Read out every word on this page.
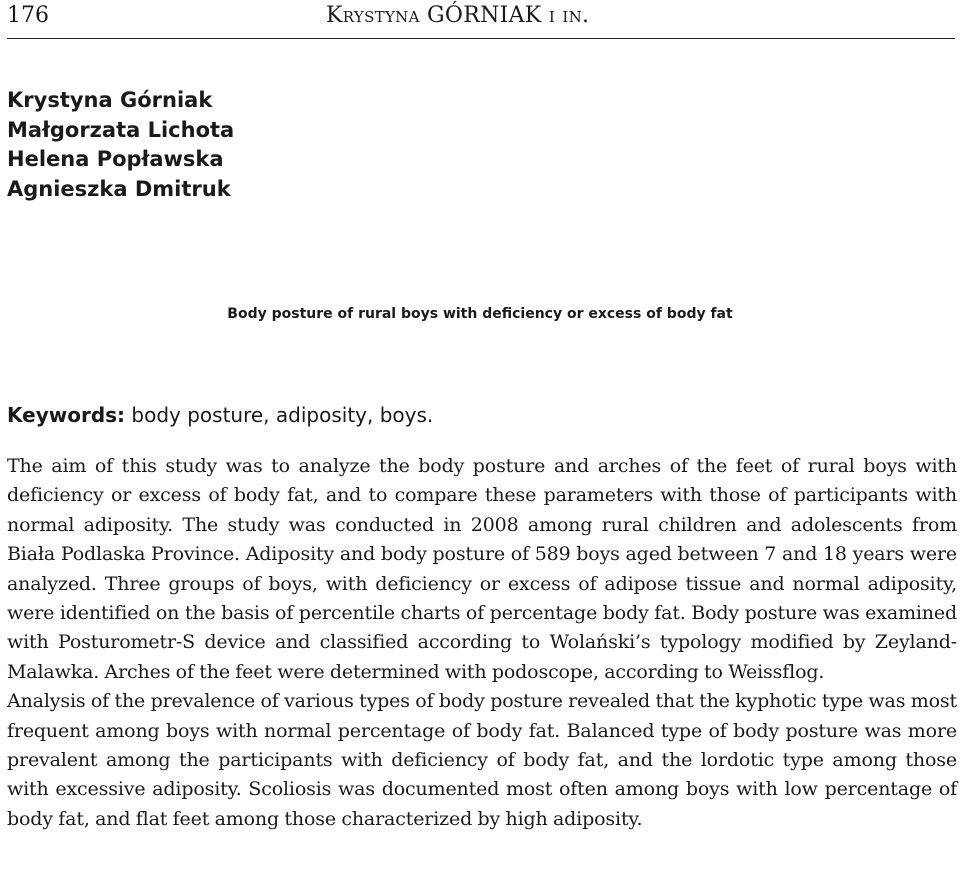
176	Krystyna GÓRNIAK i in.
Krystyna Górniak
Małgorzata Lichota
Helena Popławska
Agnieszka Dmitruk
Body posture of rural boys with deficiency or excess of body fat
Keywords: body posture, adiposity, boys.

The aim of this study was to analyze the body posture and arches of the feet of rural boys with deficiency or excess of body fat, and to compare these parameters with those of participants with normal adiposity. The study was conducted in 2008 among rural children and adolescents from Biała Podlaska Province. Adiposity and body posture of 589 boys aged between 7 and 18 years were analyzed. Three groups of boys, with deficiency or excess of adipose tissue and normal adiposity, were identified on the basis of percentile charts of percentage body fat. Body posture was examined with Posturometr-S device and classified according to Wolański’s typology modified by Zeyland-Malawka. Arches of the feet were determined with podoscope, according to Weissflog.

Analysis of the prevalence of various types of body posture revealed that the kyphotic type was most frequent among boys with normal percentage of body fat. Balanced type of body posture was more prevalent among the participants with deficiency of body fat, and the lordotic type among those with excessive adiposity. Scoliosis was documented most often among boys with low percentage of body fat, and flat feet among those characterized by high adiposity.
